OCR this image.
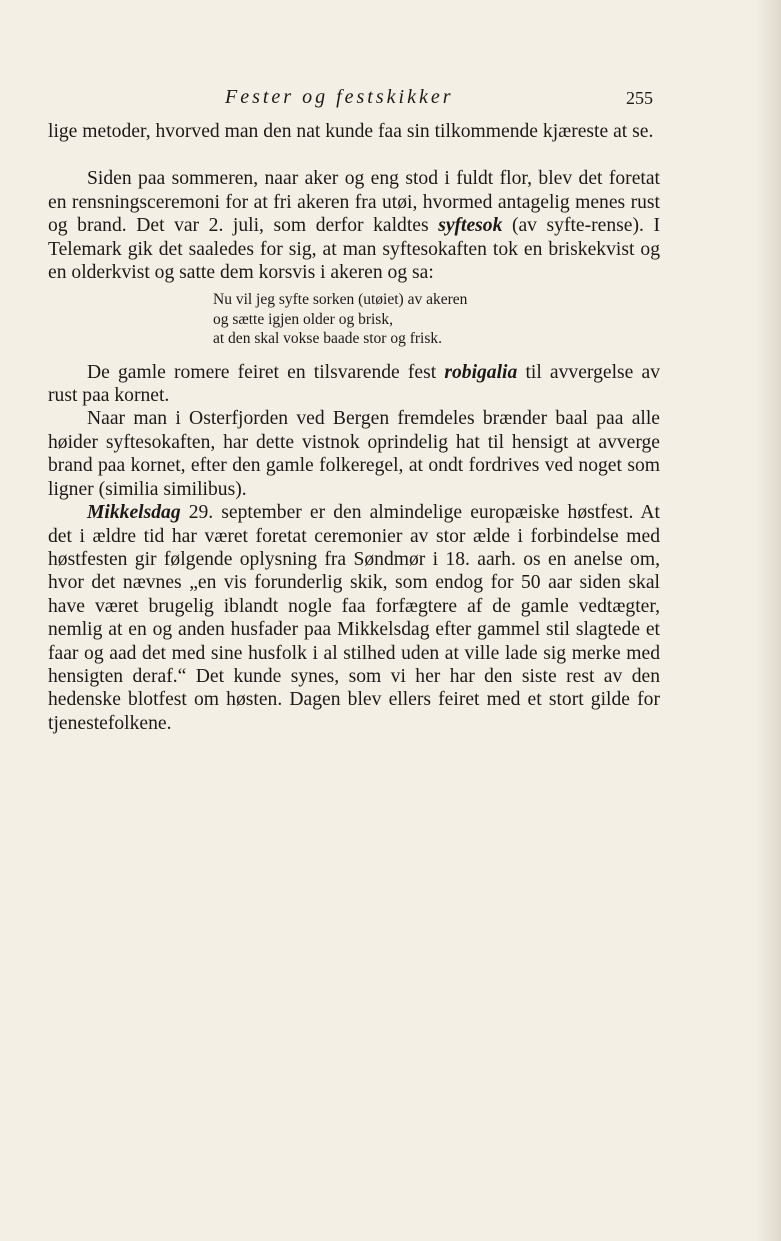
Fester og festskikker	255

lige metoder, hvorved man den nat kunde faa sin tilkommende kjæreste at se.

Siden paa sommeren, naar aker og eng stod i fuldt flor, blev det foretat en rensningsceremoni for at fri akeren fra utøi, hvormed antagelig menes rust og brand. Det var 2. juli, som derfor kaldtes syftesok (av syfte-rense). I Telemark gik det saaledes for sig, at man syftesokaften tok en briskekvist og en olderkvist og satte dem korsvis i akeren og sa:

Nu vil jeg syfte sorken (utøiet) av akeren
og sætte igjen older og brisk,
at den skal vokse baade stor og frisk.

De gamle romere feiret en tilsvarende fest robigalia til avvergelse av rust paa kornet.

Naar man i Osterfjorden ved Bergen fremdeles brænder baal paa alle høider syftesokaften, har dette vistnok oprindelig hat til hensigt at avverge brand paa kornet, efter den gamle folkeregel, at ondt fordrives ved noget som ligner (similia similibus).

Mikkelsdag 29. september er den almindelige europæiske høstfest. At det i ældre tid har været foretat ceremonier av stor ælde i forbindelse med høstfesten gir følgende oplysning fra Søndmør i 18. aarh. os en anelse om, hvor det nævnes „en vis forunderlig skik, som endog for 50 aar siden skal have været brugelig iblandt nogle faa forfægtere af de gamle vedtægter, nemlig at en og anden husfader paa Mikkelsdag efter gammel stil slagtede et faar og aad det med sine husfolk i al stilhed uden at ville lade sig merke med hensigten deraf.“ Det kunde synes, som vi her har den siste rest av den hedenske blotfest om høsten. Dagen blev ellers feiret med et stort gilde for tjenestefolkene.
